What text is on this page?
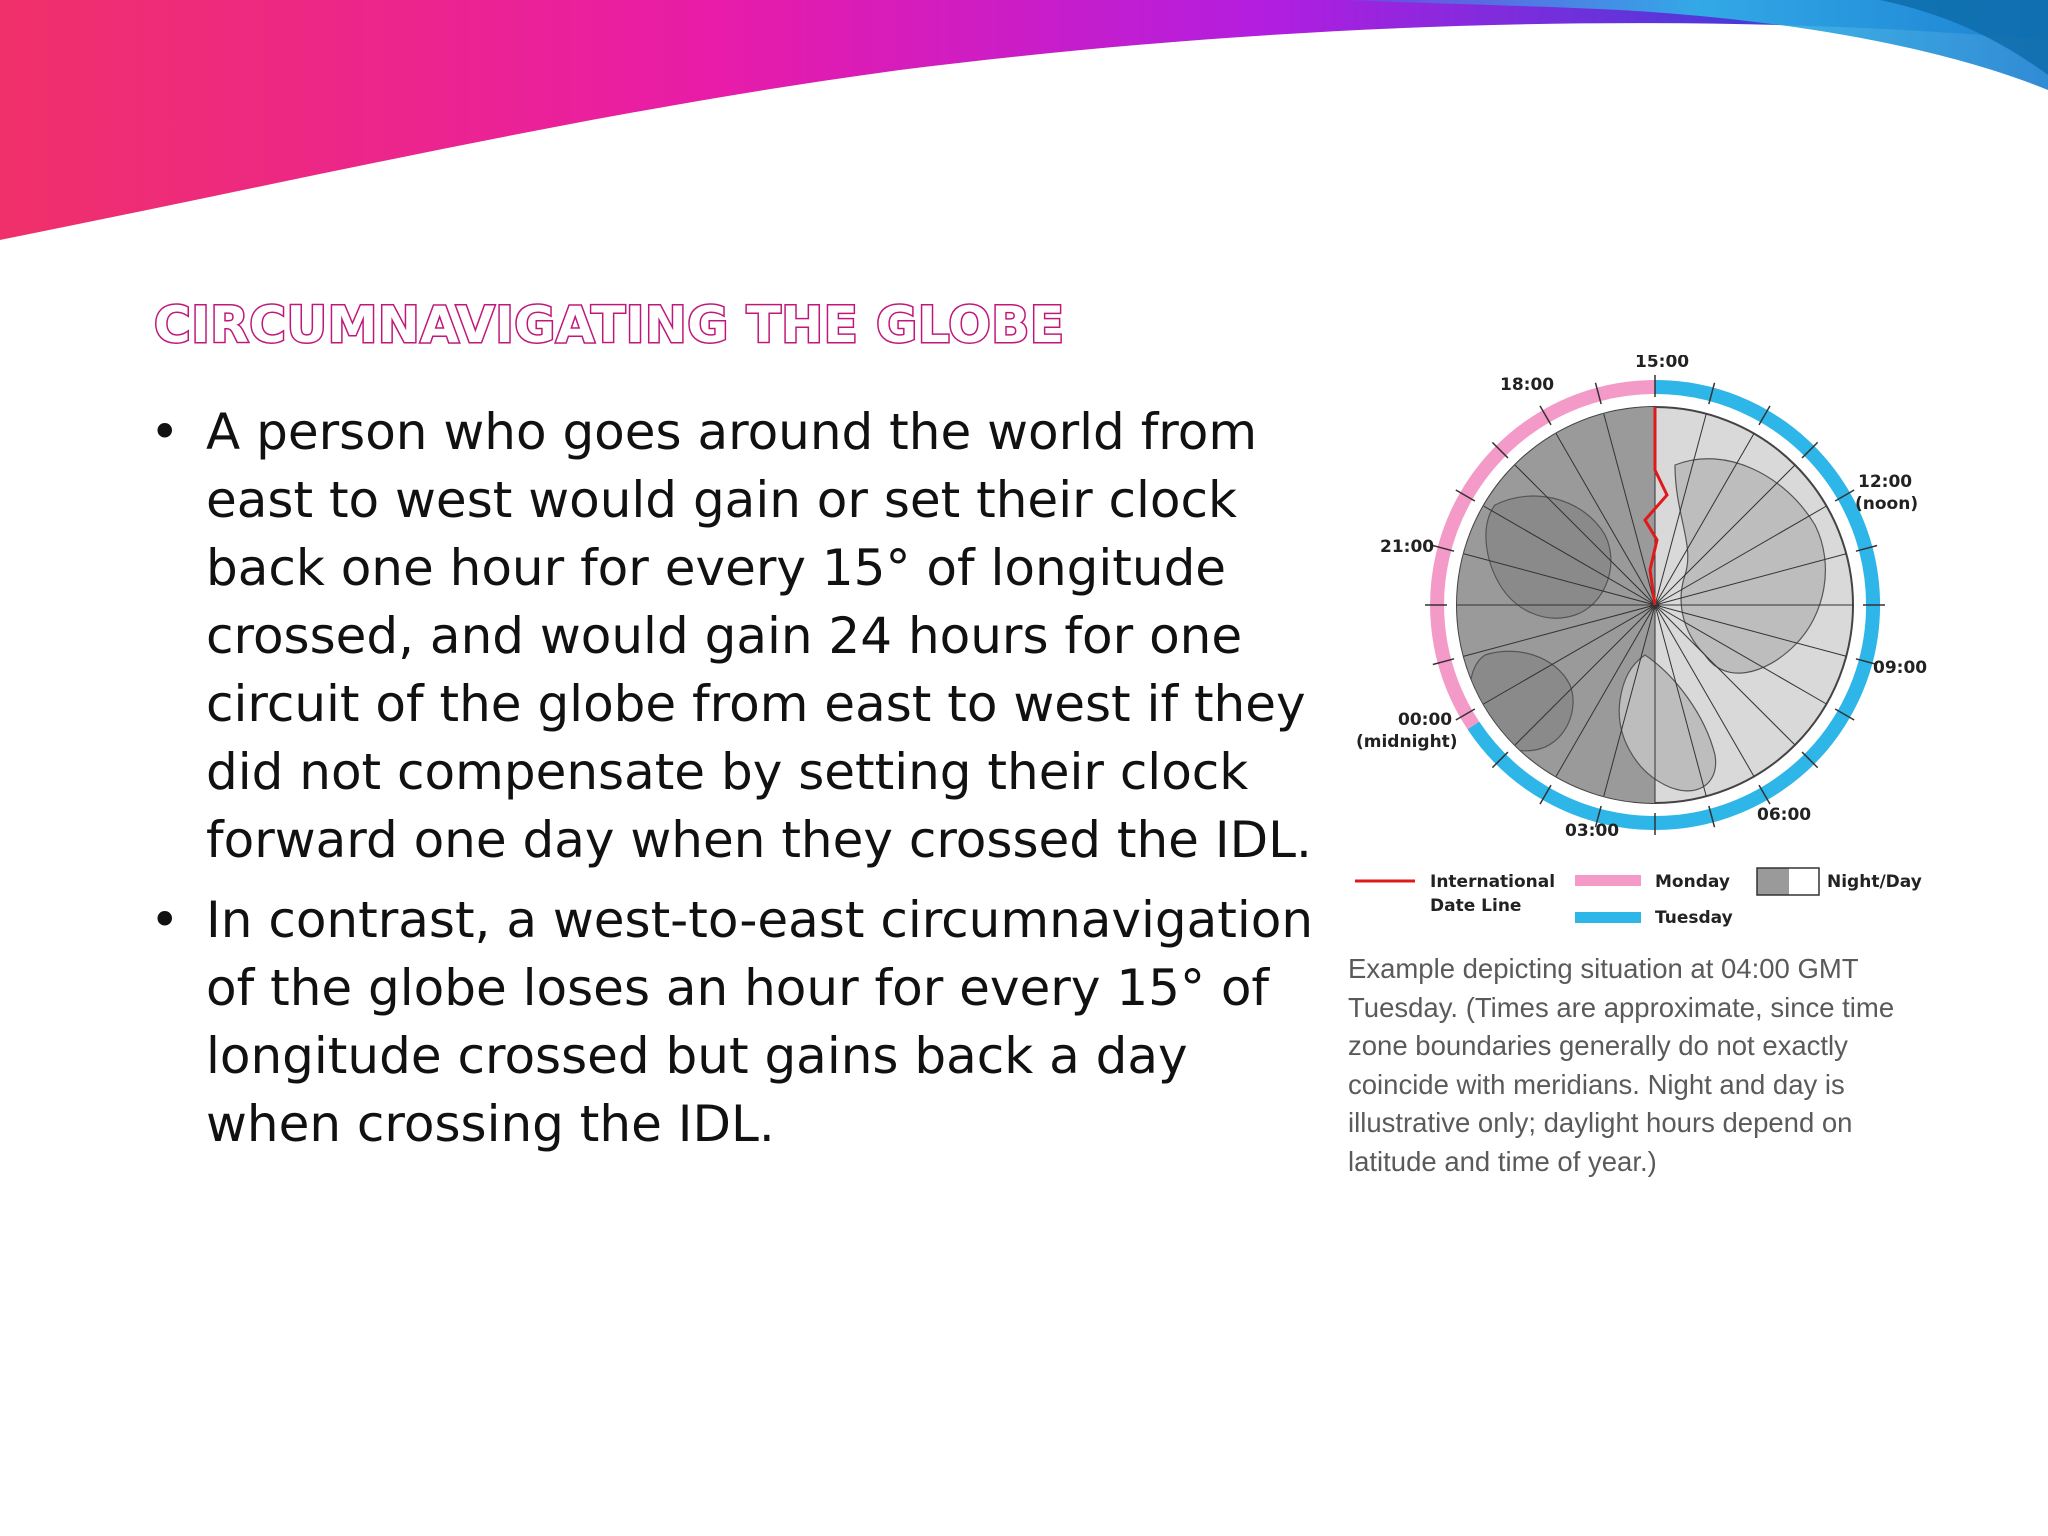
CIRCUMNAVIGATING THE GLOBE
• A person who goes around the world from east to west would gain or set their clock back one hour for every 15° of longitude crossed, and would gain 24 hours for one circuit of the globe from east to west if they did not compensate by setting their clock forward one day when they crossed the IDL.
• In contrast, a west-to-east circumnavigation of the globe loses an hour for every 15° of longitude crossed but gains back a day when crossing the IDL.
15:00
18:00
12:00
(noon)
21:00
09:00
00:00
(midnight)
06:00
03:00
International
Date Line
Monday
Tuesday
Night/Day

Example depicting situation at 04:00 GMT Tuesday. (Times are approximate, since time zone boundaries generally do not exactly coincide with meridians. Night and day is illustrative only; daylight hours depend on latitude and time of year.)
